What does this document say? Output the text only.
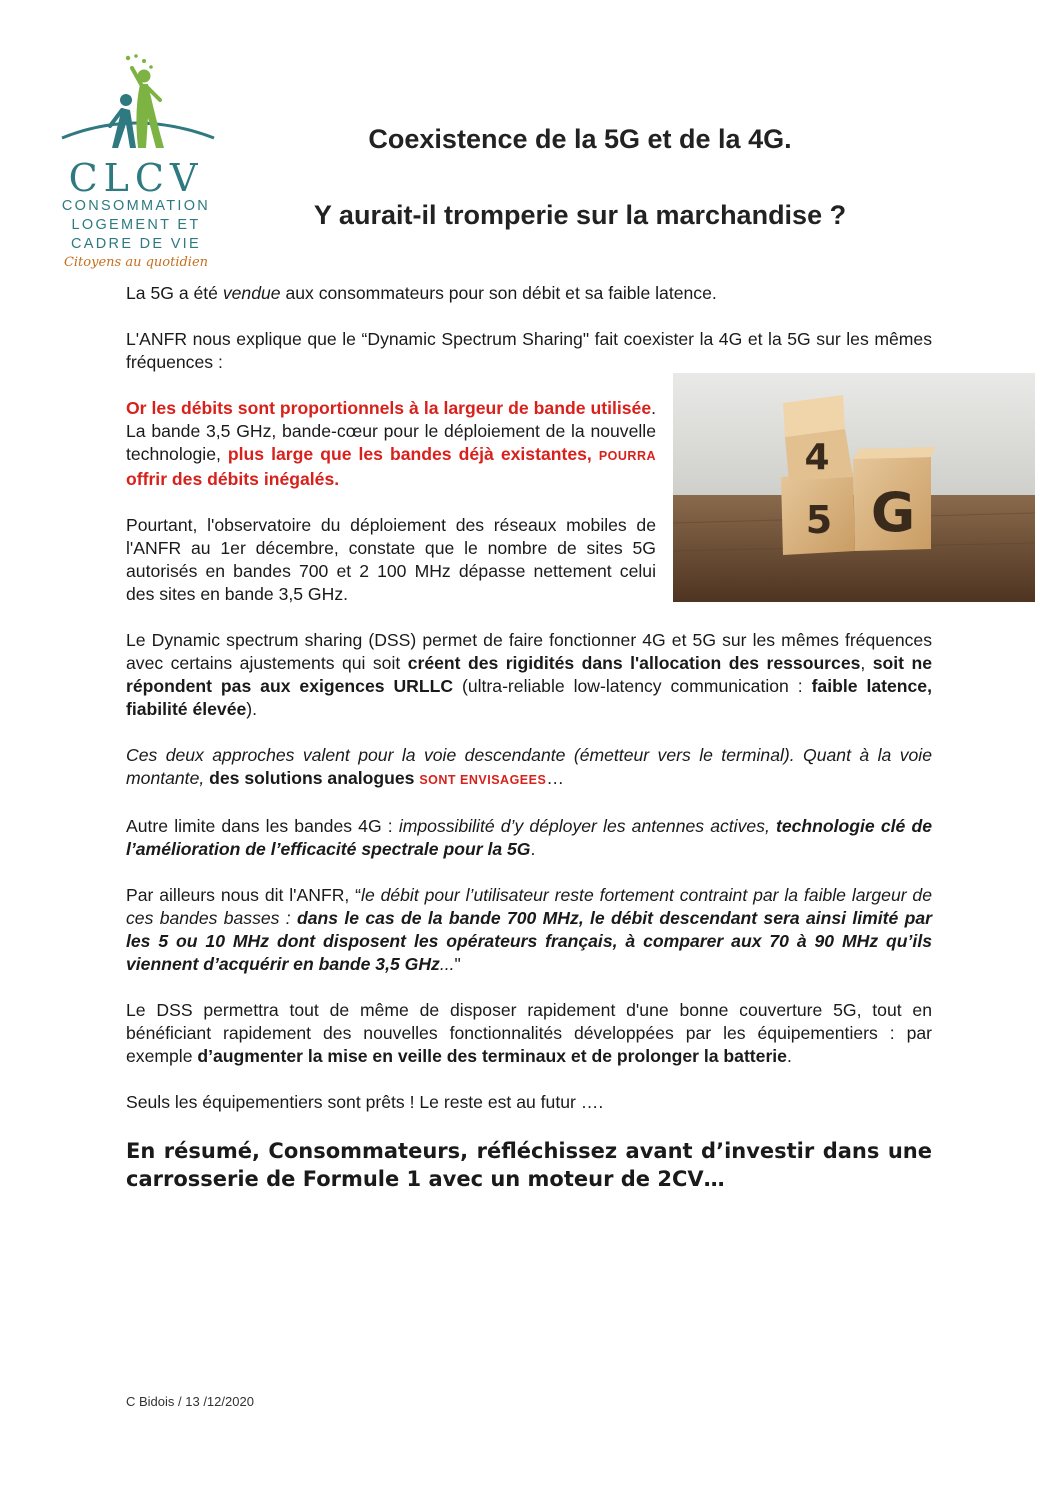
CLCV
CONSOMMATION
LOGEMENT ET
CADRE DE VIE
Citoyens au quotidien
Coexistence de la 5G et de la 4G.
Y aurait-il tromperie sur la marchandise ?
4
5 G

La 5G a été vendue aux consommateurs pour son débit et sa faible latence.

L'ANFR nous explique que le “Dynamic Spectrum Sharing" fait coexister la 4G et la 5G sur les mêmes fréquences :

Or les débits sont proportionnels à la largeur de bande utilisée. La bande 3,5 GHz, bande-cœur pour le déploiement de la nouvelle technologie, plus large que les bandes déjà existantes, POURRA offrir des débits inégalés.

Pourtant, l'observatoire du déploiement des réseaux mobiles de l'ANFR au 1er décembre, constate que le nombre de sites 5G autorisés en bandes 700 et 2 100 MHz dépasse nettement celui des sites en bande 3,5 GHz.

Le Dynamic spectrum sharing (DSS) permet de faire fonctionner 4G et 5G sur les mêmes fréquences avec certains ajustements qui soit créent des rigidités dans l'allocation des ressources, soit ne répondent pas aux exigences URLLC (ultra-reliable low-latency communication : faible latence, fiabilité élevée).

Ces deux approches valent pour la voie descendante (émetteur vers le terminal). Quant à la voie montante, des solutions analogues SONT ENVISAGEES…

Autre limite dans les bandes 4G : impossibilité d’y déployer les antennes actives, technologie clé de l’amélioration de l’efficacité spectrale pour la 5G.

Par ailleurs nous dit l'ANFR, “le débit pour l’utilisateur reste fortement contraint par la faible largeur de ces bandes basses : dans le cas de la bande 700 MHz, le débit descendant sera ainsi limité par les 5 ou 10 MHz dont disposent les opérateurs français, à comparer aux 70 à 90 MHz qu’ils viennent d’acquérir en bande 3,5 GHz..."

Le DSS permettra tout de même de disposer rapidement d'une bonne couverture 5G, tout en bénéficiant rapidement des nouvelles fonctionnalités développées par les équipementiers : par exemple d’augmenter la mise en veille des terminaux et de prolonger la batterie.

Seuls les équipementiers sont prêts ! Le reste est au futur ….

En résumé, Consommateurs, réfléchissez avant d’investir dans une carrosserie de Formule 1 avec un moteur de 2CV…

C Bidois / 13 /12/2020
